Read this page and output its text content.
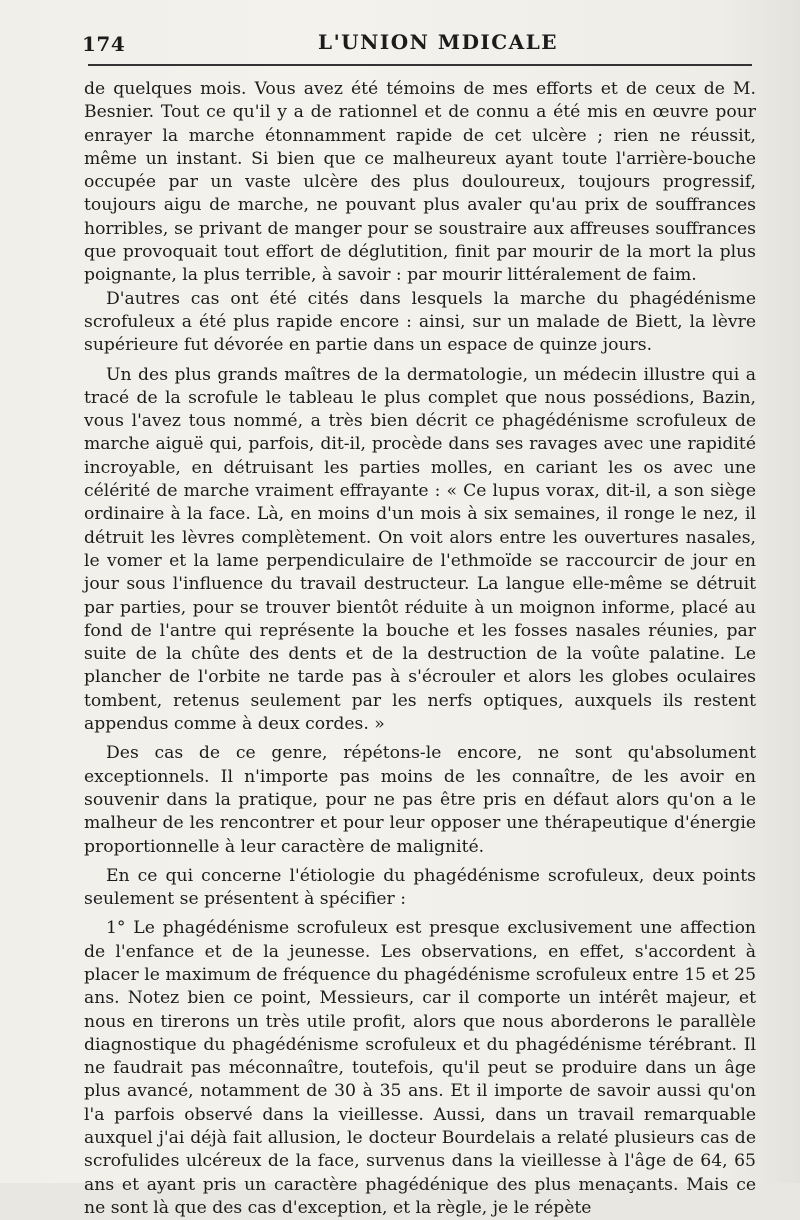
174	L'UNION MDICALE

de quelques mois. Vous avez été témoins de mes efforts et de ceux de M. Besnier. Tout ce qu'il y a de rationnel et de connu a été mis en œuvre pour enrayer la marche étonnamment rapide de cet ulcère ; rien ne réussit, même un instant. Si bien que ce malheureux ayant toute l'arrière-bouche occupée par un vaste ulcère des plus douloureux, toujours progressif, toujours aigu de marche, ne pouvant plus avaler qu'au prix de souffrances horribles, se privant de manger pour se soustraire aux affreuses souffrances que provoquait tout effort de déglutition, finit par mourir de la mort la plus poignante, la plus terrible, à savoir : par mourir littéralement de faim.

D'autres cas ont été cités dans lesquels la marche du phagédénisme scrofuleux a été plus rapide encore : ainsi, sur un malade de Biett, la lèvre supérieure fut dévorée en partie dans un espace de quinze jours.

Un des plus grands maîtres de la dermatologie, un médecin illustre qui a tracé de la scrofule le tableau le plus complet que nous possédions, Bazin, vous l'avez tous nommé, a très bien décrit ce phagédénisme scrofuleux de marche aiguë qui, parfois, dit-il, procède dans ses ravages avec une rapidité incroyable, en détruisant les parties molles, en cariant les os avec une célérité de marche vraiment effrayante : « Ce lupus vorax, dit-il, a son siège ordinaire à la face. Là, en moins d'un mois à six semaines, il ronge le nez, il détruit les lèvres complètement. On voit alors entre les ouvertures nasales, le vomer et la lame perpendiculaire de l'ethmoïde se raccourcir de jour en jour sous l'influence du travail destructeur. La langue elle-même se détruit par parties, pour se trouver bientôt réduite à un moignon informe, placé au fond de l'antre qui représente la bouche et les fosses nasales réunies, par suite de la chûte des dents et de la destruction de la voûte palatine. Le plancher de l'orbite ne tarde pas à s'écrouler et alors les globes oculaires tombent, retenus seulement par les nerfs optiques, auxquels ils restent appendus comme à deux cordes. »

Des cas de ce genre, répétons-le encore, ne sont qu'absolument exceptionnels. Il n'importe pas moins de les connaître, de les avoir en souvenir dans la pratique, pour ne pas être pris en défaut alors qu'on a le malheur de les rencontrer et pour leur opposer une thérapeutique d'énergie proportionnelle à leur caractère de malignité.

En ce qui concerne l'étiologie du phagédénisme scrofuleux, deux points seulement se présentent à spécifier :

1° Le phagédénisme scrofuleux est presque exclusivement une affection de l'enfance et de la jeunesse. Les observations, en effet, s'accordent à placer le maximum de fréquence du phagédénisme scrofuleux entre 15 et 25 ans. Notez bien ce point, Messieurs, car il comporte un intérêt majeur, et nous en tirerons un très utile profit, alors que nous aborderons le parallèle diagnostique du phagédénisme scrofuleux et du phagédénisme térébrant. Il ne faudrait pas méconnaître, toutefois, qu'il peut se produire dans un âge plus avancé, notamment de 30 à 35 ans. Et il importe de savoir aussi qu'on l'a parfois observé dans la vieillesse. Aussi, dans un travail remarquable auxquel j'ai déjà fait allusion, le docteur Bourdelais a relaté plusieurs cas de scrofulides ulcéreux de la face, survenus dans la vieillesse à l'âge de 64, 65 ans et ayant pris un caractère phagédénique des plus menaçants. Mais ce ne sont là que des cas d'exception, et la règle, je le répète
